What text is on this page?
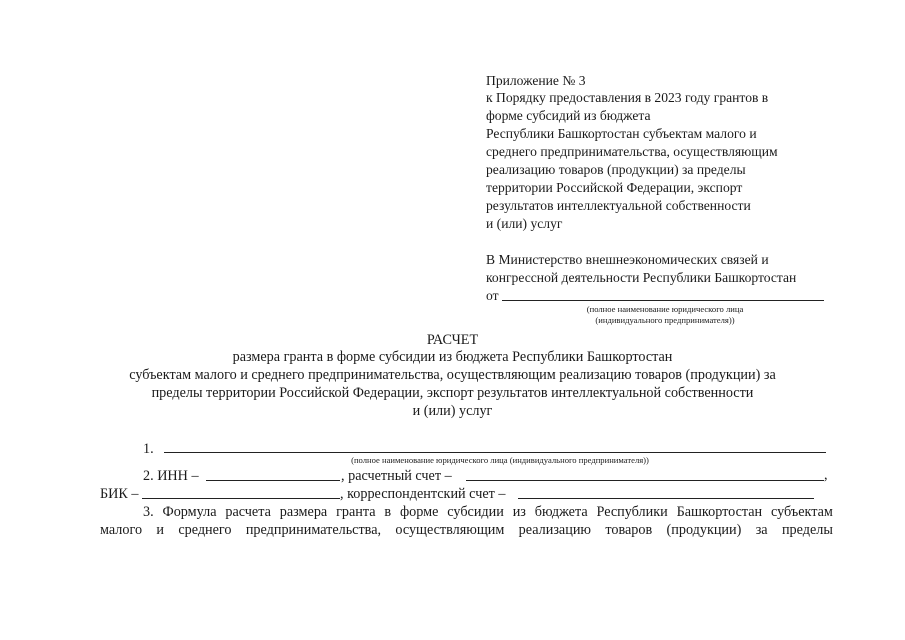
Приложение № 3
к Порядку предоставления в 2023 году грантов в
форме субсидий из бюджета
Республики Башкортостан субъектам малого и
среднего предпринимательства, осуществляющим
реализацию товаров (продукции) за пределы
территории Российской Федерации, экспорт
результатов интеллектуальной собственности
и (или) услуг
В Министерство внешнеэкономических связей и
конгрессной деятельности Республики Башкортостан
от
(полное наименование юридического лица
(индивидуального предпринимателя))
РАСЧЕТ
размера гранта в форме субсидии из бюджета Республики Башкортостан
субъектам малого и среднего предпринимательства, осуществляющим реализацию товаров (продукции) за
пределы территории Российской Федерации, экспорт результатов интеллектуальной собственности
и (или) услуг
1.
(полное наименование юридического лица (индивидуального предпринимателя))
2. ИНН –	, расчетный счет –	,
БИК –	, корреспондентский счет –
3. Формула расчета размера гранта в форме субсидии из бюджета Республики Башкортостан субъектам
малого и среднего предпринимательства, осуществляющим реализацию товаров (продукции) за пределы
